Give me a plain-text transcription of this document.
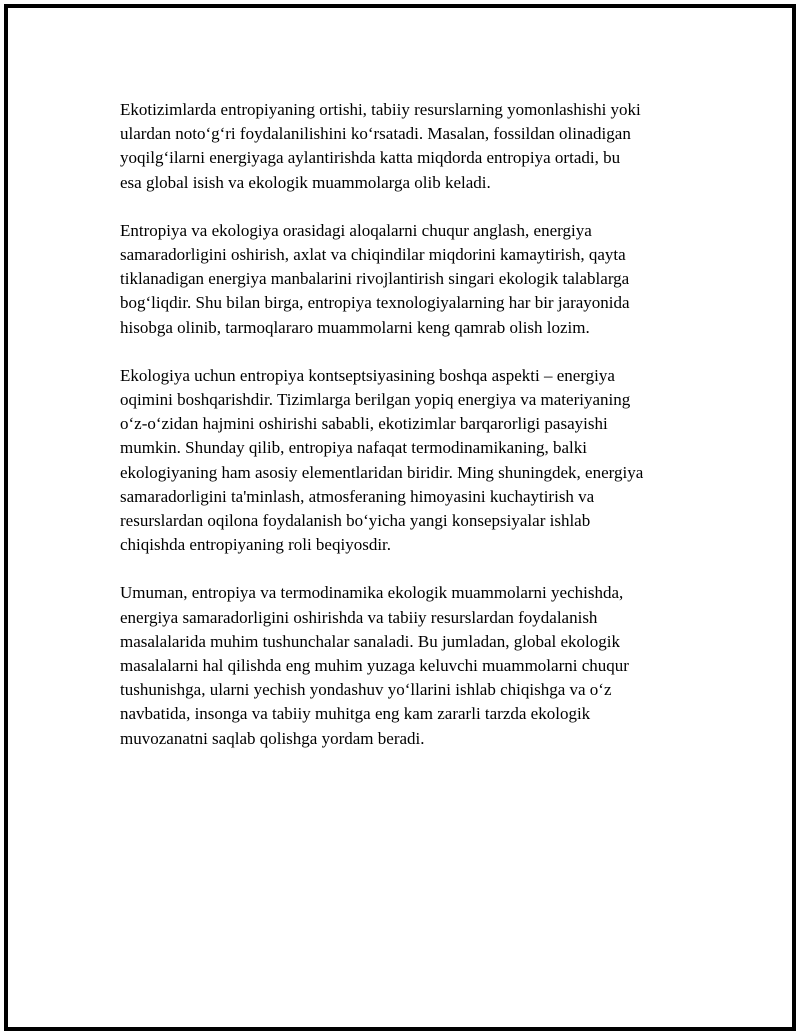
Ekotizimlarda entropiyaning ortishi, tabiiy resurslarning yomonlashishi yoki
ulardan noto‘g‘ri foydalanilishini ko‘rsatadi. Masalan, fossildan olinadigan
yoqilg‘ilarni energiyaga aylantirishda katta miqdorda entropiya ortadi, bu
esa global isish va ekologik muammolarga olib keladi.

Entropiya va ekologiya orasidagi aloqalarni chuqur anglash, energiya
samaradorligini oshirish, axlat va chiqindilar miqdorini kamaytirish, qayta
tiklanadigan energiya manbalarini rivojlantirish singari ekologik talablarga
bog‘liqdir. Shu bilan birga, entropiya texnologiyalarning har bir jarayonida
hisobga olinib, tarmoqlararo muammolarni keng qamrab olish lozim.

Ekologiya uchun entropiya kontseptsiyasining boshqa aspekti – energiya
oqimini boshqarishdir. Tizimlarga berilgan yopiq energiya va materiyaning
o‘z-o‘zidan hajmini oshirishi sababli, ekotizimlar barqarorligi pasayishi
mumkin. Shunday qilib, entropiya nafaqat termodinamikaning, balki
ekologiyaning ham asosiy elementlaridan biridir. Ming shuningdek, energiya
samaradorligini ta'minlash, atmosferaning himoyasini kuchaytirish va
resurslardan oqilona foydalanish bo‘yicha yangi konsepsiyalar ishlab
chiqishda entropiyaning roli beqiyosdir.

Umuman, entropiya va termodinamika ekologik muammolarni yechishda,
energiya samaradorligini oshirishda va tabiiy resurslardan foydalanish
masalalarida muhim tushunchalar sanaladi. Bu jumladan, global ekologik
masalalarni hal qilishda eng muhim yuzaga keluvchi muammolarni chuqur
tushunishga, ularni yechish yondashuv yo‘llarini ishlab chiqishga va o‘z
navbatida, insonga va tabiiy muhitga eng kam zararli tarzda ekologik
muvozanatni saqlab qolishga yordam beradi.
